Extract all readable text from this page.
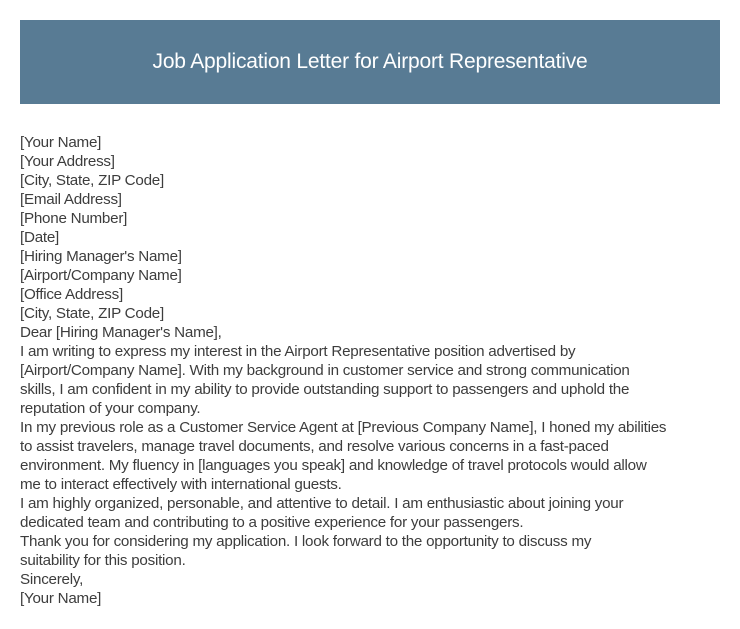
Job Application Letter for Airport Representative
[Your Name]
[Your Address]
[City, State, ZIP Code]
[Email Address]
[Phone Number]
[Date]
[Hiring Manager's Name]
[Airport/Company Name]
[Office Address]
[City, State, ZIP Code]
Dear [Hiring Manager's Name],
I am writing to express my interest in the Airport Representative position advertised by
[Airport/Company Name]. With my background in customer service and strong communication
skills, I am confident in my ability to provide outstanding support to passengers and uphold the
reputation of your company.
In my previous role as a Customer Service Agent at [Previous Company Name], I honed my abilities
to assist travelers, manage travel documents, and resolve various concerns in a fast-paced
environment. My fluency in [languages you speak] and knowledge of travel protocols would allow
me to interact effectively with international guests.
I am highly organized, personable, and attentive to detail. I am enthusiastic about joining your
dedicated team and contributing to a positive experience for your passengers.
Thank you for considering my application. I look forward to the opportunity to discuss my
suitability for this position.
Sincerely,
[Your Name]
